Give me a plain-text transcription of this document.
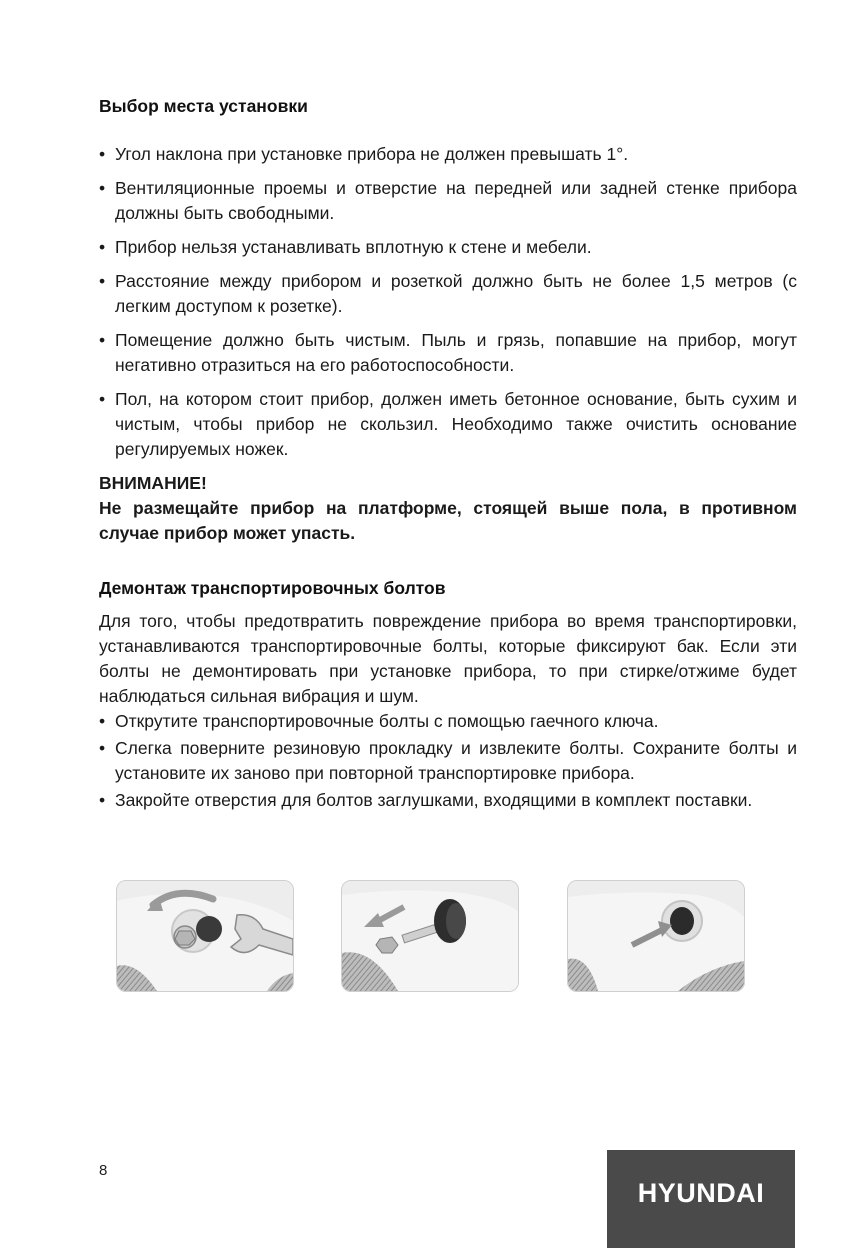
Выбор места установки
• Угол наклона при установке прибора не должен превышать 1°.
• Вентиляционные проемы и отверстие на передней или задней стенке прибора должны быть свободными.
• Прибор нельзя устанавливать вплотную к стене и мебели.
• Расстояние между прибором и розеткой должно быть не более 1,5 метров (с легким доступом к розетке).
• Помещение должно быть чистым. Пыль и грязь, попавшие на прибор, могут негативно отразиться на его работоспособности.
• Пол, на котором стоит прибор, должен иметь бетонное основание, быть сухим и чистым, чтобы прибор не скользил. Необходимо также очистить основание регулируемых ножек.
ВНИМАНИЕ!
Не размещайте прибор на платформе, стоящей выше пола, в противном случае прибор может упасть.
Демонтаж транспортировочных болтов

Для того, чтобы предотвратить повреждение прибора во время транспортировки, устанавливаются транспортировочные болты, которые фиксируют бак. Если эти болты не демонтировать при установке прибора, то при стирке/отжиме будет наблюдаться сильная вибрация и шум.

• Открутите транспортировочные болты с помощью гаечного ключа.
• Слегка поверните резиновую прокладку и извлеките болты. Сохраните болты и установите их заново при повторной транспортировке прибора.
• Закройте отверстия для болтов заглушками, входящими в комплект поставки.
8
HYUNDAI
